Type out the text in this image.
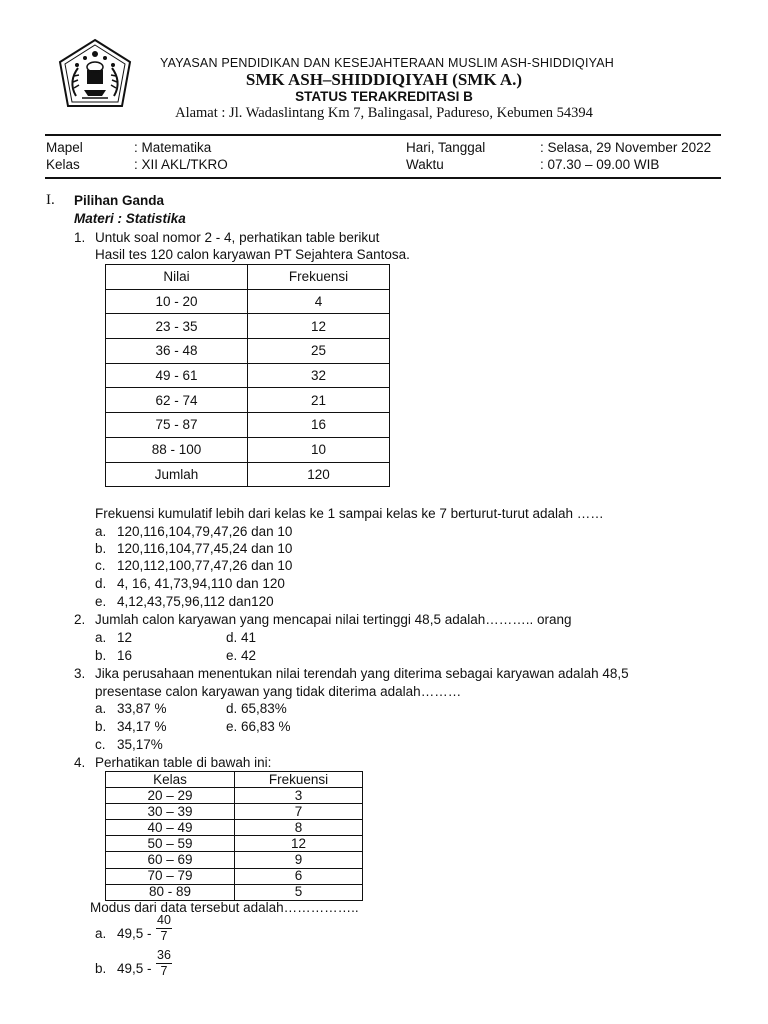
YAYASAN PENDIDIKAN DAN KESEJAHTERAAN MUSLIM ASH-SHIDDIQIYAH
SMK ASH–SHIDDIQIYAH (SMK A.)
STATUS TERAKREDITASI B
Alamat : Jl. Wadaslintang Km 7, Balingasal, Padureso, Kebumen 54394
Mapel	: Matematika
Kelas	: XII AKL/TKRO
Hari, Tanggal	: Selasa, 29 November 2022
Waktu	: 07.30 – 09.00 WIB
I. Pilihan Ganda
Materi : Statistika
1. Untuk soal nomor 2 - 4, perhatikan table berikut
Hasil tes 120 calon karyawan PT Sejahtera Santosa.
Nilai	Frekuensi
10 - 20	4
23 - 35	12
36 - 48	25
49 - 61	32
62 - 74	21
75 - 87	16
88 - 100	10
Jumlah	120
Frekuensi kumulatif lebih dari kelas ke 1 sampai kelas ke 7 berturut-turut adalah ……
a. 120,116,104,79,47,26 dan 10
b. 120,116,104,77,45,24 dan 10
c. 120,112,100,77,47,26 dan 10
d. 4, 16, 41,73,94,110 dan 120
e. 4,12,43,75,96,112 dan120
2. Jumlah calon karyawan yang mencapai nilai tertinggi 48,5 adalah……….. orang
a. 12	d. 41
b. 16	e. 42
3. Jika perusahaan menentukan nilai terendah yang diterima sebagai karyawan adalah 48,5
presentase calon karyawan yang tidak diterima adalah………
a. 33,87 %	d. 65,83%
b. 34,17 %	e. 66,83 %
c. 35,17%
4. Perhatikan table di bawah ini:
Kelas	Frekuensi
20 – 29	3
30 – 39	7
40 – 49	8
50 – 59	12
60 – 69	9
70 – 79	6
80 - 89	5
Modus dari data tersebut adalah……………..
a. 49,5 -
40
7
b. 49,5 -
36
7
